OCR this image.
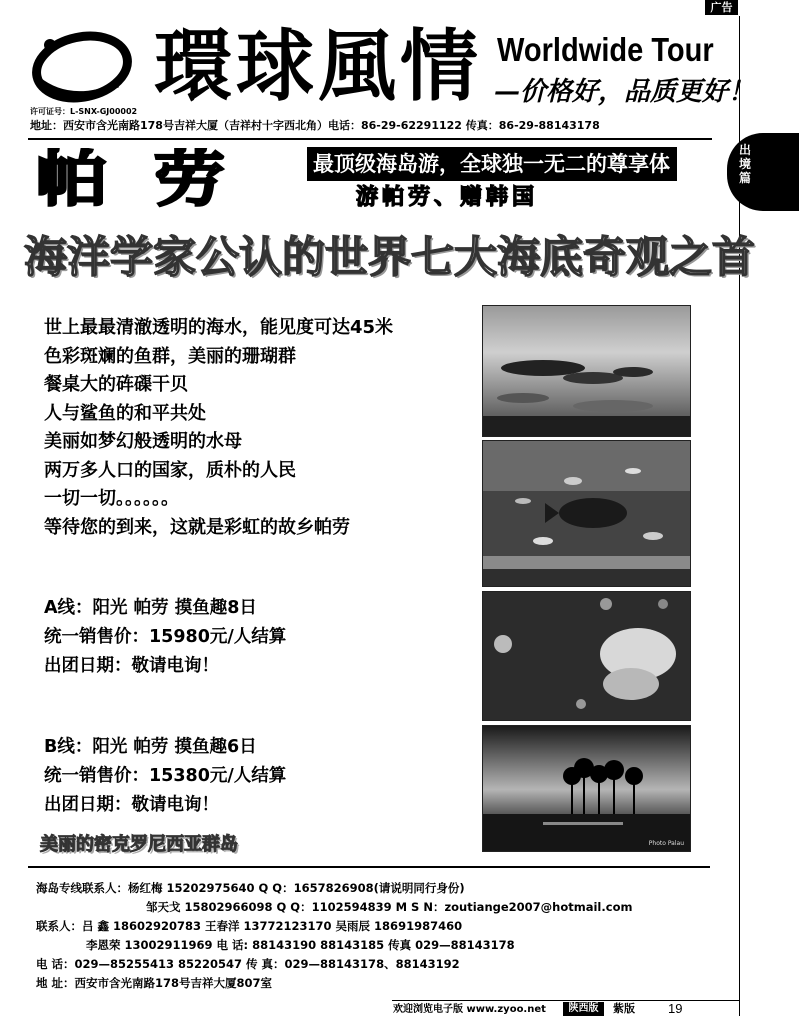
广告
出
境
篇
環球風情 Worldwide Tour
—价格好，品质更好！
许可证号：L-SNX-GJ00002
地址：西安市含光南路178号吉祥大厦（吉祥村十字西北角）电话：86-29-62291122 传真：86-29-88143178
帕劳 最顶级海岛游，全球独一无二的尊享体验	游帕劳、赠韩国
海洋学家公认的世界七大海底奇观之首
世上最最清澈透明的海水，能见度可达45米
色彩斑斓的鱼群，美丽的珊瑚群
餐桌大的砗磲干贝
人与鲨鱼的和平共处
美丽如梦幻般透明的水母
两万多人口的国家，质朴的人民
一切一切。。。。。。
等待您的到来，这就是彩虹的故乡帕劳
A线：阳光 帕劳 摸鱼趣8日
统一销售价：15980元/人结算
出团日期：敬请电询！
B线：阳光 帕劳 摸鱼趣6日
统一销售价：15380元/人结算
出团日期：敬请电询！
Photo Palau
美丽的密克罗尼西亚群岛
海岛专线联系人：杨红梅 15202975640 Q Q：1657826908(请说明同行身份)
邹天戈 15802966098 Q Q：1102594839 M S N：zoutiange2007@hotmail.com
联系人：吕 鑫 18602920783 王春洋 13772123170 吴雨辰 18691987460
李恩荣 13002911969 电 话: 88143190 88143185 传真 029—88143178
电 话：029—85255413 85220547 传 真：029—88143178、88143192
地 址：西安市含光南路178号吉祥大厦807室
欢迎浏览电子版 www.zyoo.net	陕西版	紫版	19
